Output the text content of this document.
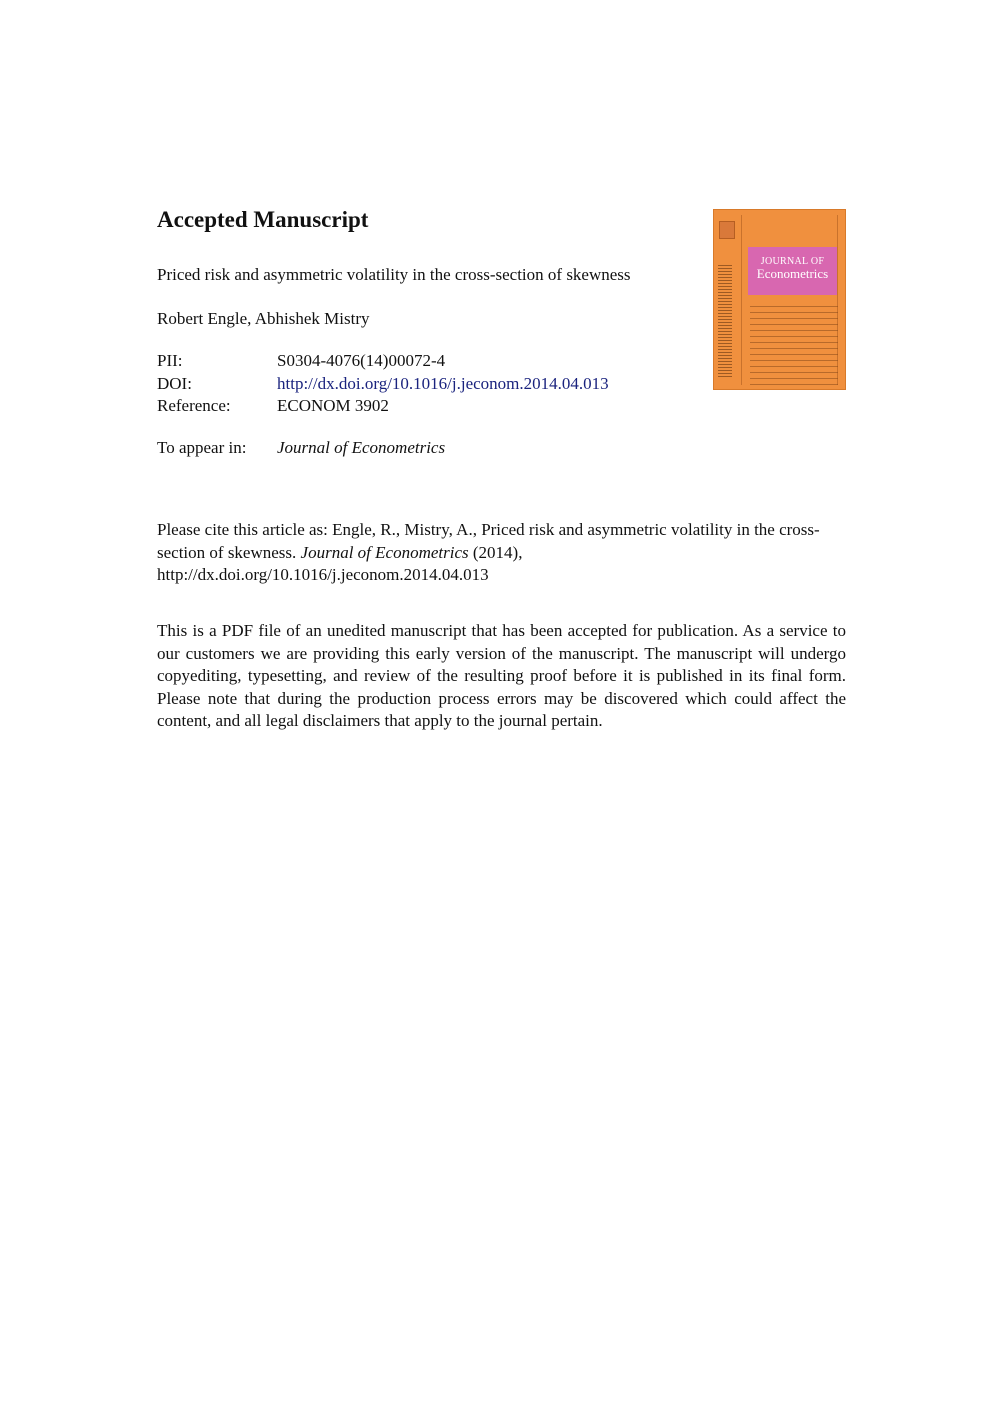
Accepted Manuscript
Priced risk and asymmetric volatility in the cross-section of skewness
Robert Engle, Abhishek Mistry
PII:	S0304-4076(14)00072-4
DOI:	http://dx.doi.org/10.1016/j.jeconom.2014.04.013
Reference:	ECONOM 3902
To appear in:	Journal of Econometrics
Please cite this article as: Engle, R., Mistry, A., Priced risk and asymmetric volatility in the cross-section of skewness. Journal of Econometrics (2014), http://dx.doi.org/10.1016/j.jeconom.2014.04.013
This is a PDF file of an unedited manuscript that has been accepted for publication. As a service to our customers we are providing this early version of the manuscript. The manuscript will undergo copyediting, typesetting, and review of the resulting proof before it is published in its final form. Please note that during the production process errors may be discovered which could affect the content, and all legal disclaimers that apply to the journal pertain.
JOURNAL OF
Econometrics
